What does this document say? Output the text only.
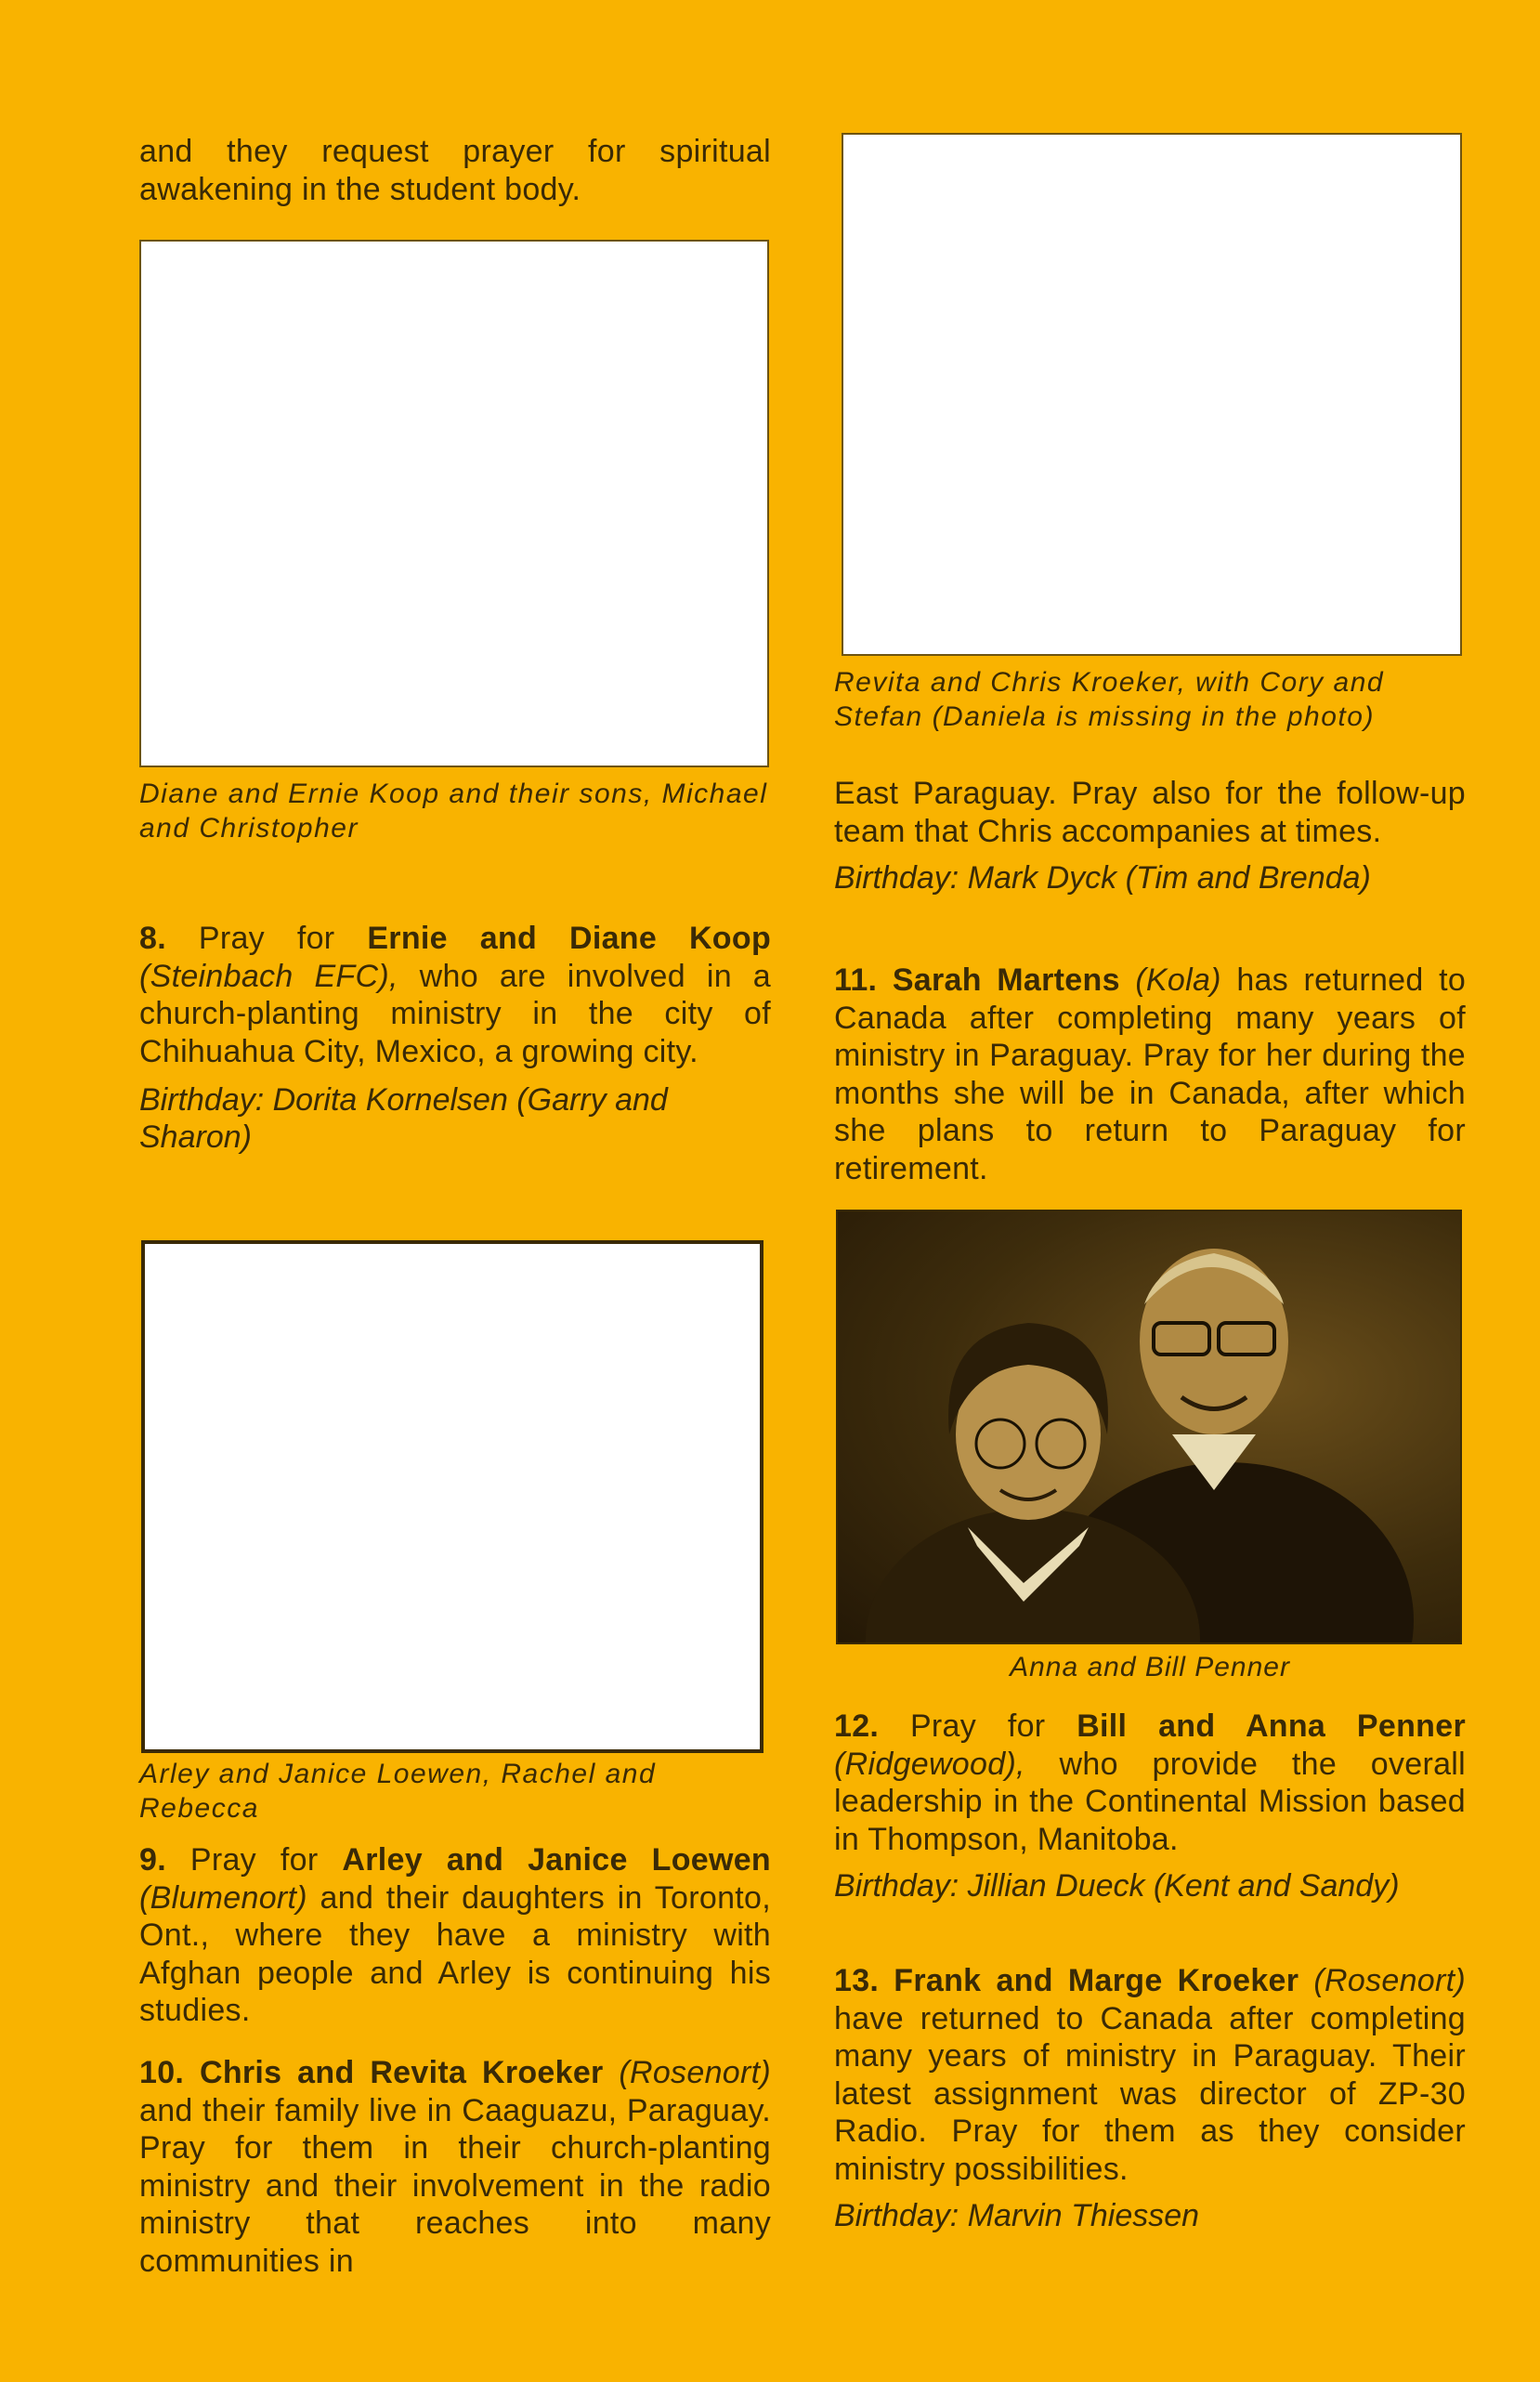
and they request prayer for spiritual awakening in the student body.

Diane and Ernie Koop and their sons, Michael and Christopher

8. Pray for Ernie and Diane Koop (Steinbach EFC), who are involved in a church-planting ministry in the city of Chihuahua City, Mexico, a growing city.

Birthday: Dorita Kornelsen (Garry and Sharon)

Arley and Janice Loewen, Rachel and Rebecca

9. Pray for Arley and Janice Loewen (Blumenort) and their daughters in Toronto, Ont., where they have a ministry with Afghan people and Arley is continuing his studies.

10. Chris and Revita Kroeker (Rosenort) and their family live in Caaguazu, Paraguay. Pray for them in their church-planting ministry and their involvement in the radio ministry that reaches into many communities in

Revita and Chris Kroeker, with Cory and Stefan (Daniela is missing in the photo)

East Paraguay. Pray also for the follow-up team that Chris accompanies at times.

Birthday: Mark Dyck (Tim and Brenda)

11. Sarah Martens (Kola) has returned to Canada after completing many years of ministry in Paraguay. Pray for her during the months she will be in Canada, after which she plans to return to Paraguay for retirement.

Anna and Bill Penner

12. Pray for Bill and Anna Penner (Ridgewood), who provide the overall leadership in the Continental Mission based in Thompson, Manitoba.

Birthday: Jillian Dueck (Kent and Sandy)

13. Frank and Marge Kroeker (Rosenort) have returned to Canada after completing many years of ministry in Paraguay. Their latest assignment was director of ZP-30 Radio. Pray for them as they consider ministry possibilities.

Birthday: Marvin Thiessen
